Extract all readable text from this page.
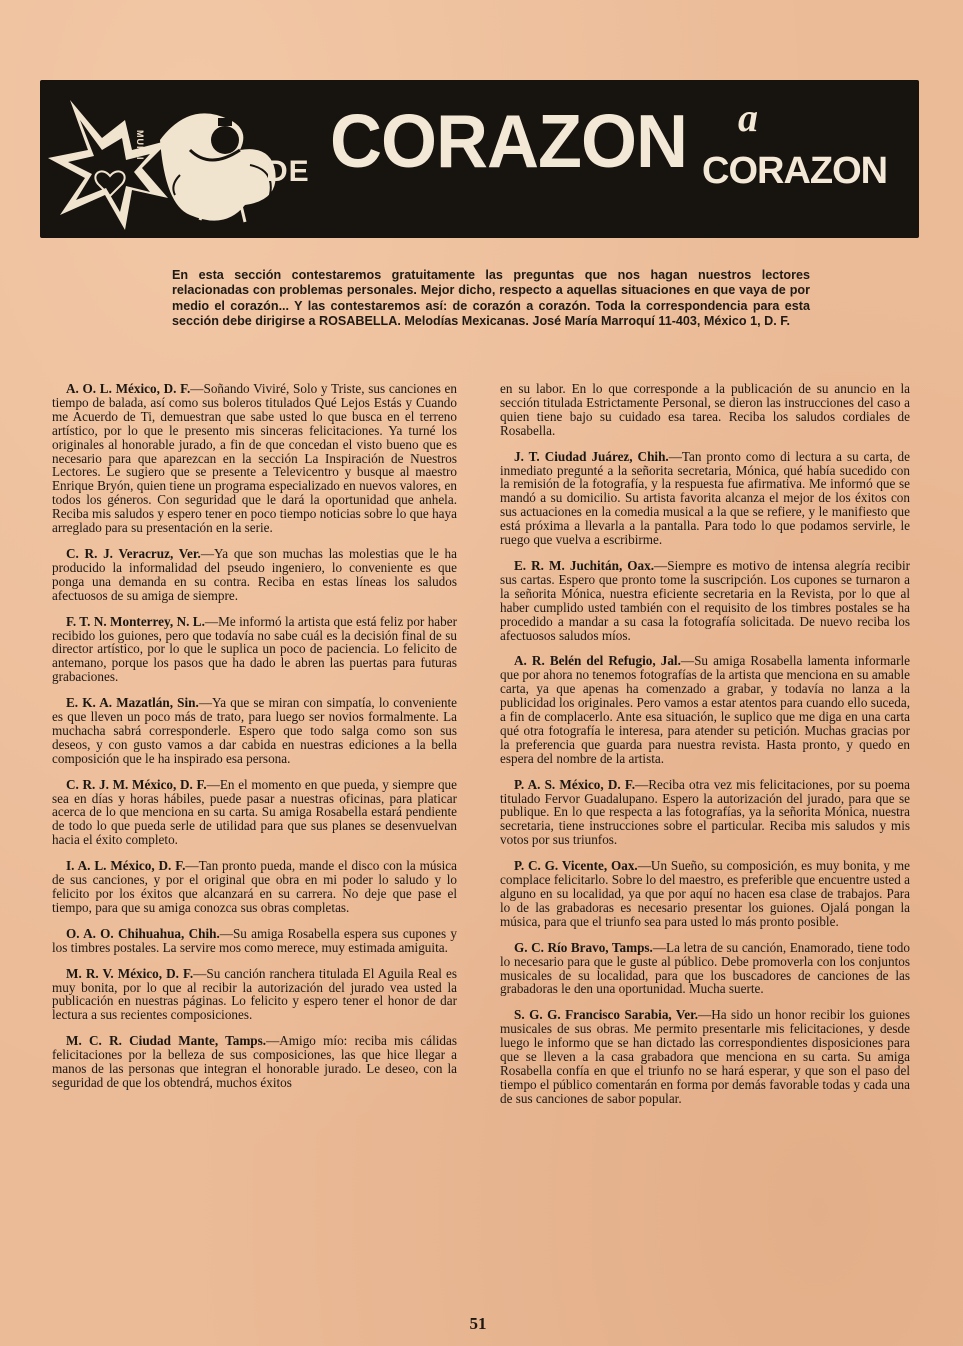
MUICI
DE CORAZON a
CORAZON
En esta sección contestaremos gratuitamente las preguntas que nos hagan nuestros lectores relacionadas con problemas personales. Mejor dicho, respecto a aquellas situaciones en que vaya de por medio el corazón... Y las contestaremos así: de corazón a corazón. Toda la correspondencia para esta sección debe dirigirse a ROSABELLA. Melodías Mexicanas. José María Marroquí 11-403, México 1, D. F.

A. O. L. México, D. F.—Soñando Viviré, Solo y Triste, sus canciones en tiempo de balada, así como sus boleros titulados Qué Lejos Estás y Cuando me Acuerdo de Ti, demuestran que sabe usted lo que busca en el terreno artístico, por lo que le presento mis sinceras felicitaciones. Ya turné los originales al honorable jurado, a fin de que concedan el visto bueno que es necesario para que aparezcan en la sección La Inspiración de Nuestros Lectores. Le sugiero que se presente a Televicentro y busque al maestro Enrique Bryón, quien tiene un programa especializado en nuevos valores, en todos los géneros. Con seguridad que le dará la oportunidad que anhela. Reciba mis saludos y espero tener en poco tiempo noticias sobre lo que haya arreglado para su presentación en la serie.

C. R. J. Veracruz, Ver.—Ya que son muchas las molestias que le ha producido la informalidad del pseudo ingeniero, lo conveniente es que ponga una demanda en su contra. Reciba en estas líneas los saludos afectuosos de su amiga de siempre.

F. T. N. Monterrey, N. L.—Me informó la artista que está feliz por haber recibido los guiones, pero que todavía no sabe cuál es la decisión final de su director artístico, por lo que le suplica un poco de paciencia. Lo felicito de antemano, porque los pasos que ha dado le abren las puertas para futuras grabaciones.

E. K. A. Mazatlán, Sin.—Ya que se miran con simpatía, lo conveniente es que lleven un poco más de trato, para luego ser novios formalmente. La muchacha sabrá corresponderle. Espero que todo salga como son sus deseos, y con gusto vamos a dar cabida en nuestras ediciones a la bella composición que le ha inspirado esa persona.

C. R. J. M. México, D. F.—En el momento en que pueda, y siempre que sea en días y horas hábiles, puede pasar a nuestras oficinas, para platicar acerca de lo que menciona en su carta. Su amiga Rosabella estará pendiente de todo lo que pueda serle de utilidad para que sus planes se desenvuelvan hacia el éxito completo.

I. A. L. México, D. F.—Tan pronto pueda, mande el disco con la música de sus canciones, y por el original que obra en mi poder lo saludo y lo felicito por los éxitos que alcanzará en su carrera. No deje que pase el tiempo, para que su amiga conozca sus obras completas.

O. A. O. Chihuahua, Chih.—Su amiga Rosabella espera sus cupones y los timbres postales. La servire mos como merece, muy estimada amiguita.

M. R. V. México, D. F.—Su canción ranchera titulada El Aguila Real es muy bonita, por lo que al recibir la autorización del jurado vea usted la publicación en nuestras páginas. Lo felicito y espero tener el honor de dar lectura a sus recientes composiciones.

M. C. R. Ciudad Mante, Tamps.—Amigo mío: reciba mis cálidas felicitaciones por la belleza de sus composiciones, las que hice llegar a manos de las personas que integran el honorable jurado. Le deseo, con la seguridad de que los obtendrá, muchos éxitos

en su labor. En lo que corresponde a la publicación de su anuncio en la sección titulada Estrictamente Personal, se dieron las instrucciones del caso a quien tiene bajo su cuidado esa tarea. Reciba los saludos cordiales de Rosabella.

J. T. Ciudad Juárez, Chih.—Tan pronto como di lectura a su carta, de inmediato pregunté a la señorita secretaria, Mónica, qué había sucedido con la remisión de la fotografía, y la respuesta fue afirmativa. Me informó que se mandó a su domicilio. Su artista favorita alcanza el mejor de los éxitos con sus actuaciones en la comedia musical a la que se refiere, y le manifiesto que está próxima a llevarla a la pantalla. Para todo lo que podamos servirle, le ruego que vuelva a escribirme.

E. R. M. Juchitán, Oax.—Siempre es motivo de intensa alegría recibir sus cartas. Espero que pronto tome la suscripción. Los cupones se turnaron a la señorita Mónica, nuestra eficiente secretaria en la Revista, por lo que al haber cumplido usted también con el requisito de los timbres postales se ha procedido a mandar a su casa la fotografía solicitada. De nuevo reciba los afectuosos saludos míos.

A. R. Belén del Refugio, Jal.—Su amiga Rosabella lamenta informarle que por ahora no tenemos fotografías de la artista que menciona en su amable carta, ya que apenas ha comenzado a grabar, y todavía no lanza a la publicidad los originales. Pero vamos a estar atentos para cuando ello suceda, a fin de complacerlo. Ante esa situación, le suplico que me diga en una carta qué otra fotografía le interesa, para atender su petición. Muchas gracias por la preferencia que guarda para nuestra revista. Hasta pronto, y quedo en espera del nombre de la artista.

P. A. S. México, D. F.—Reciba otra vez mis felicitaciones, por su poema titulado Fervor Guadalupano. Espero la autorización del jurado, para que se publique. En lo que respecta a las fotografías, ya la señorita Mónica, nuestra secretaria, tiene instrucciones sobre el particular. Reciba mis saludos y mis votos por sus triunfos.

P. C. G. Vicente, Oax.—Un Sueño, su composición, es muy bonita, y me complace felicitarlo. Sobre lo del maestro, es preferible que encuentre usted a alguno en su localidad, ya que por aquí no hacen esa clase de trabajos. Para lo de las grabadoras es necesario presentar los guiones. Ojalá pongan la música, para que el triunfo sea para usted lo más pronto posible.

G. C. Río Bravo, Tamps.—La letra de su canción, Enamorado, tiene todo lo necesario para que le guste al público. Debe promoverla con los conjuntos musicales de su localidad, para que los buscadores de canciones de las grabadoras le den una oportunidad. Mucha suerte.

S. G. G. Francisco Sarabia, Ver.—Ha sido un honor recibir los guiones musicales de sus obras. Me permito presentarle mis felicitaciones, y desde luego le informo que se han dictado las correspondientes disposiciones para que se lleven a la casa grabadora que menciona en su carta. Su amiga Rosabella confía en que el triunfo no se hará esperar, y que son el paso del tiempo el público comentarán en forma por demás favorable todas y cada una de sus canciones de sabor popular.

51
